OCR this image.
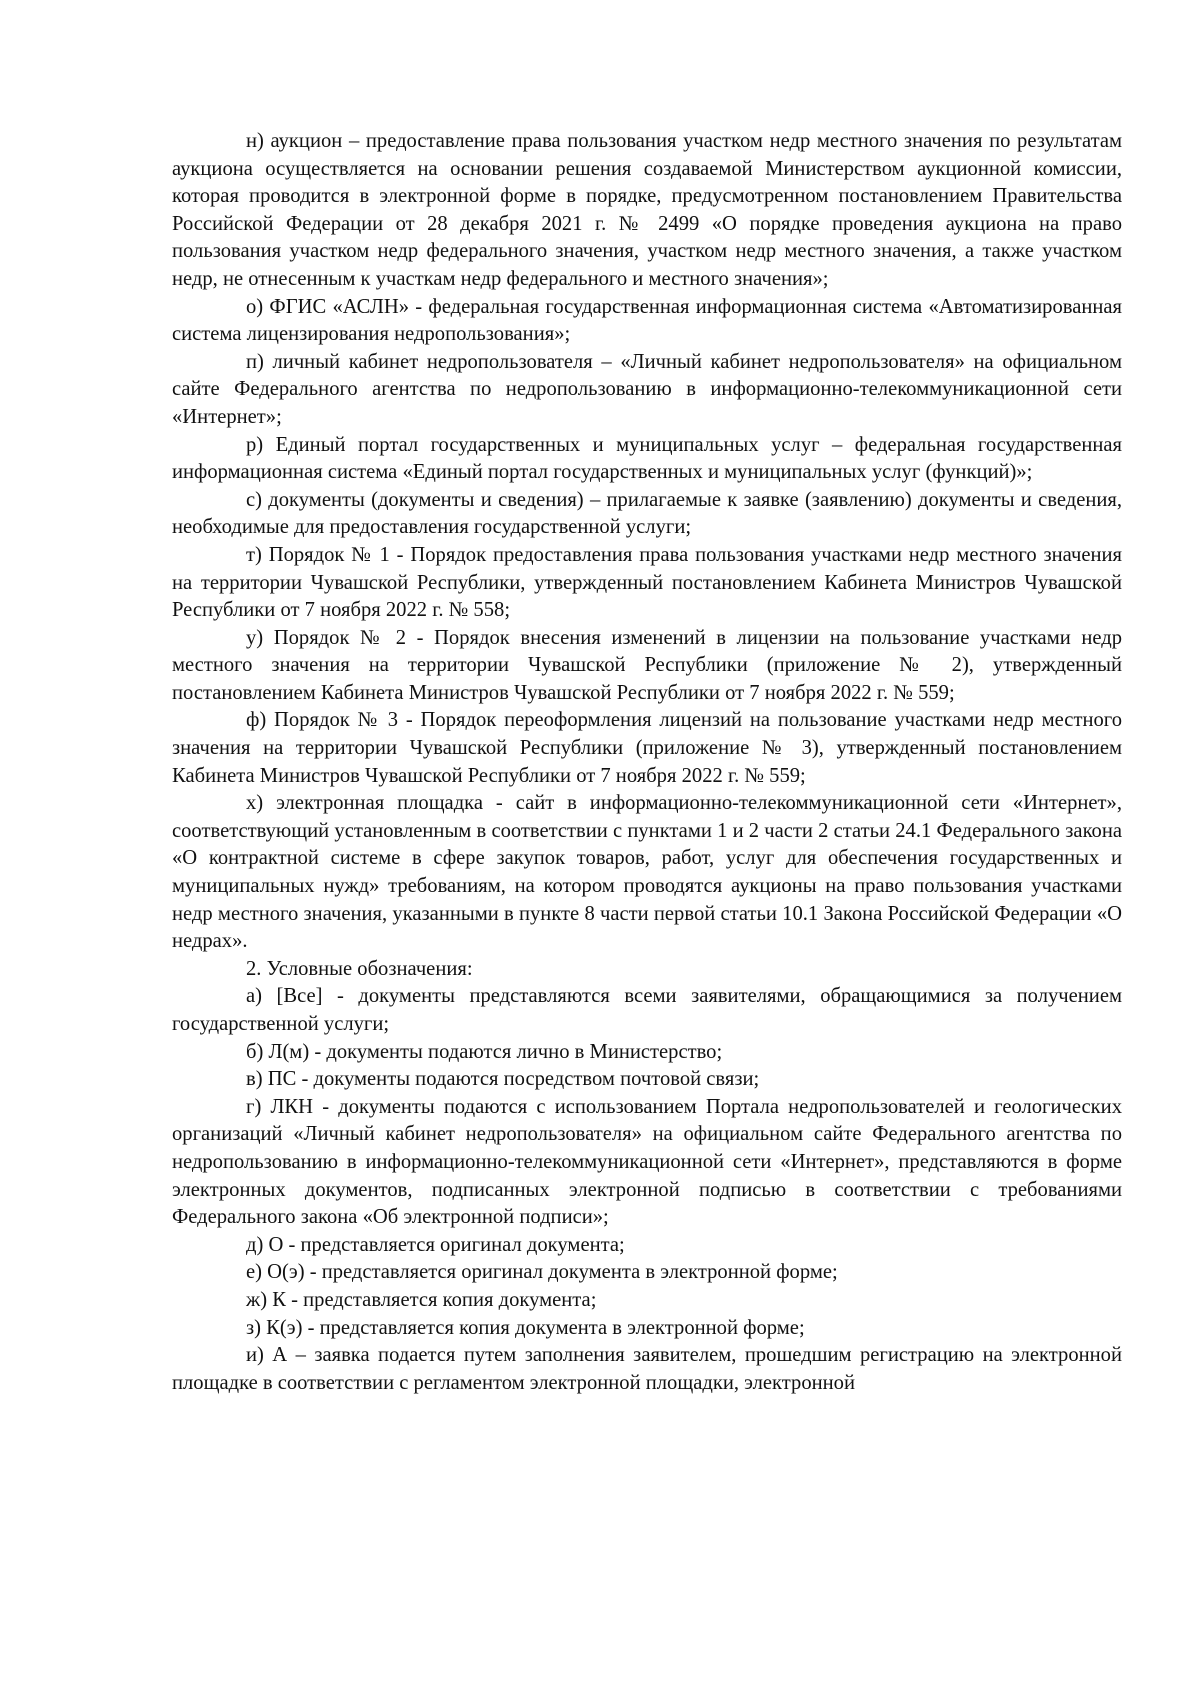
н) аукцион – предоставление права пользования участком недр местного значения по результатам аукциона осуществляется на основании решения создаваемой Министерством аукционной комиссии, которая проводится в электронной форме в порядке, предусмотренном постановлением Правительства Российской Федерации от 28 декабря 2021 г. № 2499 «О порядке проведения аукциона на право пользования участком недр федерального значения, участком недр местного значения, а также участком недр, не отнесенным к участкам недр федерального и местного значения»;

о) ФГИС «АСЛН» - федеральная государственная информационная система «Автоматизированная система лицензирования недропользования»;

п) личный кабинет недропользователя – «Личный кабинет недропользователя» на официальном сайте Федерального агентства по недропользованию в информационно-телекоммуникационной сети «Интернет»;

р) Единый портал государственных и муниципальных услуг – федеральная государственная информационная система «Единый портал государственных и муниципальных услуг (функций)»;

с) документы (документы и сведения) – прилагаемые к заявке (заявлению) документы и сведения, необходимые для предоставления государственной услуги;

т) Порядок № 1 - Порядок предоставления права пользования участками недр местного значения на территории Чувашской Республики, утвержденный постановлением Кабинета Министров Чувашской Республики от 7 ноября 2022 г. № 558;

у) Порядок № 2 - Порядок внесения изменений в лицензии на пользование участками недр местного значения на территории Чувашской Республики (приложение № 2), утвержденный постановлением Кабинета Министров Чувашской Республики от 7 ноября 2022 г. № 559;

ф) Порядок № 3 - Порядок переоформления лицензий на пользование участками недр местного значения на территории Чувашской Республики (приложение № 3), утвержденный постановлением Кабинета Министров Чувашской Республики от 7 ноября 2022 г. № 559;

х) электронная площадка - сайт в информационно-телекоммуникационной сети «Интернет», соответствующий установленным в соответствии с пунктами 1 и 2 части 2 статьи 24.1 Федерального закона «О контрактной системе в сфере закупок товаров, работ, услуг для обеспечения государственных и муниципальных нужд» требованиям, на котором проводятся аукционы на право пользования участками недр местного значения, указанными в пункте 8 части первой статьи 10.1 Закона Российской Федерации «О недрах».

2. Условные обозначения:

а) [Все] - документы представляются всеми заявителями, обращающимися за получением государственной услуги;

б) Л(м) - документы подаются лично в Министерство;

в) ПС - документы подаются посредством почтовой связи;

г) ЛКН - документы подаются с использованием Портала недропользователей и геологических организаций «Личный кабинет недропользователя» на официальном сайте Федерального агентства по недропользованию в информационно-телекоммуникационной сети «Интернет», представляются в форме электронных документов, подписанных электронной подписью в соответствии с требованиями Федерального закона «Об электронной подписи»;

д) О - представляется оригинал документа;

е) О(э) - представляется оригинал документа в электронной форме;

ж) К - представляется копия документа;

з) К(э) - представляется копия документа в электронной форме;

и) А – заявка подается путем заполнения заявителем, прошедшим регистрацию на электронной площадке в соответствии с регламентом электронной площадки, электронной
